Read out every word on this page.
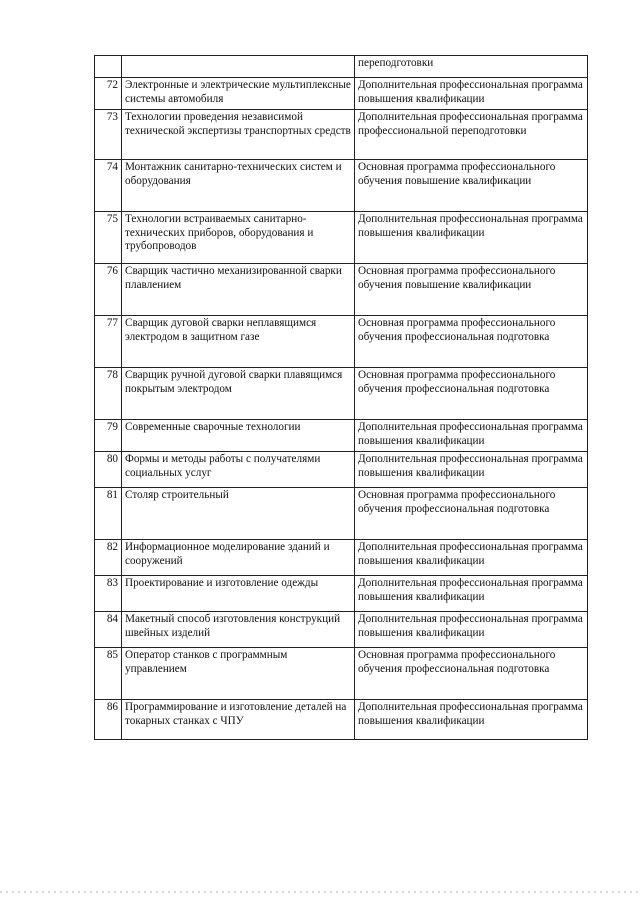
		переподготовки
72	Электронные и электрические мультиплексные системы автомобиля	Дополнительная профессиональная программа повышения квалификации
73	Технологии проведения независимой технической экспертизы транспортных средств	Дополнительная профессиональная программа профессиональной переподготовки
74	Монтажник санитарно-технических систем и оборудования	Основная программа профессионального обучения повышение квалификации
75	Технологии встраиваемых санитарно-технических приборов, оборудования и трубопроводов	Дополнительная профессиональная программа повышения квалификации
76	Сварщик частично механизированной сварки плавлением	Основная программа профессионального обучения повышение квалификации
77	Сварщик дуговой сварки неплавящимся электродом в защитном газе	Основная программа профессионального обучения профессиональная подготовка
78	Сварщик ручной дуговой сварки плавящимся покрытым электродом	Основная программа профессионального обучения профессиональная подготовка
79	Современные сварочные технологии	Дополнительная профессиональная программа повышения квалификации
80	Формы и методы работы с получателями социальных услуг	Дополнительная профессиональная программа повышения квалификации
81	Столяр строительный	Основная программа профессионального обучения профессиональная подготовка
82	Информационное моделирование зданий и сооружений	Дополнительная профессиональная программа повышения квалификации
83	Проектирование и изготовление одежды	Дополнительная профессиональная программа повышения квалификации
84	Макетный способ изготовления конструкций швейных изделий	Дополнительная профессиональная программа повышения квалификации
85	Оператор станков с программным управлением	Основная программа профессионального обучения профессиональная подготовка
86	Программирование и изготовление деталей на токарных станках с ЧПУ	Дополнительная профессиональная программа повышения квалификации
